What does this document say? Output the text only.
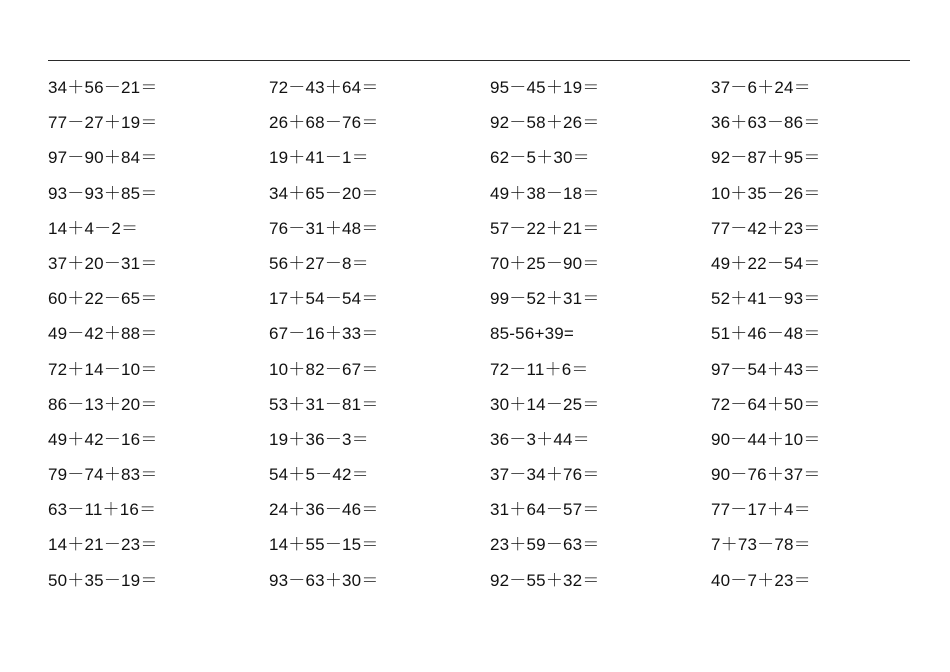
34＋56－21＝	72－43＋64＝	95－45＋19＝	37－6＋24＝
77－27＋19＝	26＋68－76＝	92－58＋26＝	36＋63－86＝
97－90＋84＝	19＋41－1＝	62－5＋30＝	92－87＋95＝
93－93＋85＝	34＋65－20＝	49＋38－18＝	10＋35－26＝
14＋4－2＝	76－31＋48＝	57－22＋21＝	77－42＋23＝
37＋20－31＝	56＋27－8＝	70＋25－90＝	49＋22－54＝
60＋22－65＝	17＋54－54＝	99－52＋31＝	52＋41－93＝
49－42＋88＝	67－16＋33＝	85-56+39=	51＋46－48＝
72＋14－10＝	10＋82－67＝	72－11＋6＝	97－54＋43＝
86－13＋20＝	53＋31－81＝	30＋14－25＝	72－64＋50＝
49＋42－16＝	19＋36－3＝	36－3＋44＝	90－44＋10＝
79－74＋83＝	54＋5－42＝	37－34＋76＝	90－76＋37＝
63－11＋16＝	24＋36－46＝	31＋64－57＝	77－17＋4＝
14＋21－23＝	14＋55－15＝	23＋59－63＝	7＋73－78＝
50＋35－19＝	93－63＋30＝	92－55＋32＝	40－7＋23＝
